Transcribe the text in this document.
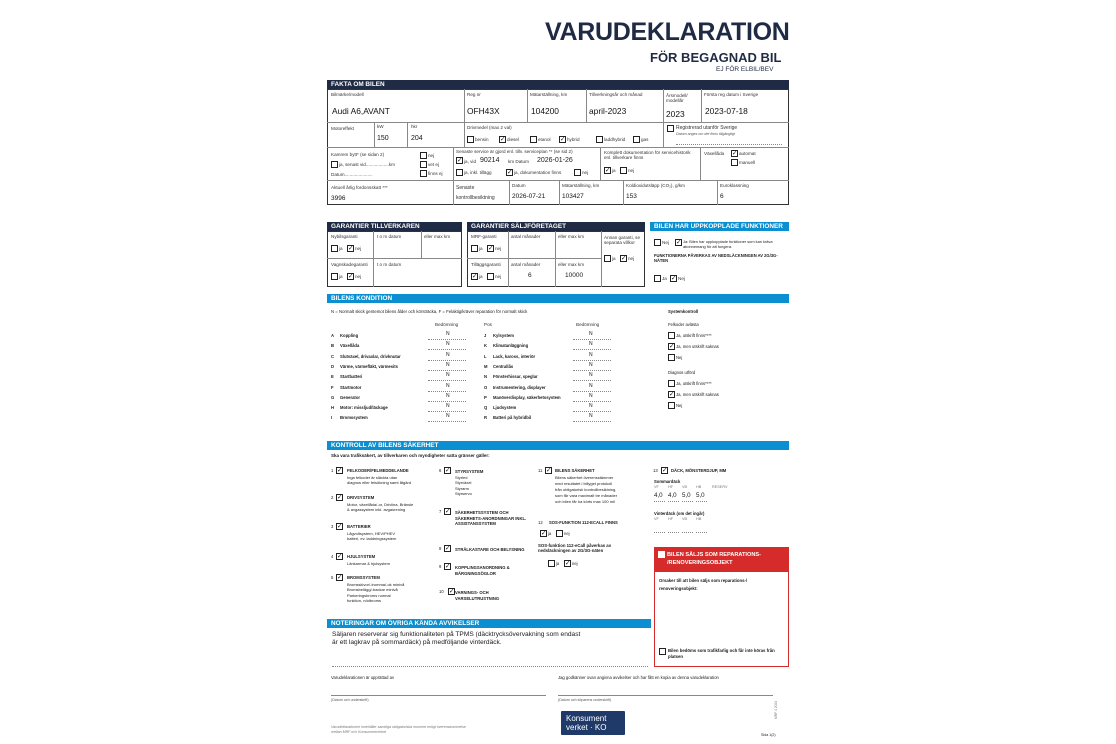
VARUDEKLARATION
FÖR BEGAGNAD BIL
EJ FÖR ELBIL/BEV
FAKTA OM BILEN
Bilmärke/modell
Audi A6,AVANT
Reg nr
OFH43X
Mätarställning, km
104200
Tillverkningsår och månad
april-2023
Årsmodell/ modellår
2023
Första reg datum i Sverige
2023-07-18
Motoreffekt	kW
150
hkr
204
Drivmedel (max 2 val)	Registrerad utanför Sverige
Datum anges om det finns tillgängligt
Kamrem bytt* (se sidan 2)	nej
ja, senast vid..................km	vet ej
Datum......................	finns ej
Senaste service är gjord enl. tillv. serviceplan ** (se sid 2)
✓ ja, vid 90214 km Datum 2026-01-26
ja, inkl. tillägg ✓ ja, dokumentation finns	nej
Komplett dokumentation för servicehistorik enl. tillverkare finns
✓ ja	nej
Växellåda ✓ automat
manuell
Aktuell årlig fordonsskatt ***
3996
Senaste kontrollbesiktning
Datum
2026-07-21
Mätarställning, km
103427
Koldioxidutsläpp (CO₂), g/km
153
Euroklassning
6
GARANTIER TILLVERKAREN
Nybilsgaranti	t o m datum	eller max km
ja ✓ nej
Vagnskadegaranti t o m datum
ja ✓ nej
GARANTIER SÄLJFÖRETAGET
MRF-garanti	antal månader	eller max km
ja ✓ nej
Annan garanti, se separata villkor
ja ✓ nej
Tilläggsgaranti antal månader	eller max km
✓ ja	nej	6	10000
BILEN HAR UPPKOPPLADE FUNKTIONER
Nej ✓ Ja: Bilen har uppkopplade funktioner som kan kräva abonnemang för att fungera.
FUNKTIONERNA PÅVERKAS AV NEDSLÄCKNINGEN AV 2G/3G-NÄTEN
Ja ✓ Nej
BILENS KONDITION
N = Normalt skick gentemot bilens ålder och körsträcka, F = Felaktig/kräver reparation för normalt skick
Bedömning	Pos	Bedömning
Systemkontroll
Felkoder avlästa
Diagnos utförd
KONTROLL AV BILENS SÄKERHET
Ska vara trafiksäkert, av tillverkaren och myndigheter satta gränser gäller:
11 ✓ BILENS SÄKERHET
12 SOS-FUNKTION 112-ECALL FINNS
✓ ja	nej
SOS-funktion 112-eCall påverkas av nedsläckningen av 2G/3G-näten
ja ✓ nej
13 ✓ DÄCK, MÖNSTERDJUP, MM
Sommardäck
Vinterdäck (om det ingår)
BILEN SÄLJS SOM REPARATIONS- /RENOVERINGSOBJEKT
Orsaker till att bilen säljs som reparations-/ renoveringsobjekt:
Bilen bedöms som trafikfarlig och får inte köras från platsen
NOTERINGAR OM ÖVRIGA KÄNDA AVVIKELSER
Säljaren reserverar sig funktionaliteten på TPMS (däcktrycksövervakning som endast
är ett lagkrav på sommardäck) på medföljande vinterdäck.
Varudeklarationen är upprättad av	Jag godkänner ovan angivna avvikelser och har fått en kopia av denna varudeklaration
(Datum och underskrift)	(Datum och köparens underskrift)
Varudeklarationen innehåller samtliga obligatoriska moment enligt överenskommelse
mellan MRF och Konsumentverket
Konsument
verket · KO
Sida 1(2)
MRF 4 2024
bensin ✓ diesel	etanol ✓ hybrid	laddhybrid	gas
A Koppling	N
B Växellåda	N
C Slutväxel, drivaxlar, drivknutar	N
D Värme, värmefläkt, värmesits	N
E Startbatteri	N
F Startmotor	N
G Generator	N
H Motor: missljud/läckage	N
I Bromssystem	N
J Kylsystem	N
K Klimatanläggning	N
L Lack, kaross, interiör	N
M Centrallås	N
N Fönsterhissar, speglar	N
O Instrumentering, displayer	N
P Manöverdisplay, säkerhetssystem	N
Q Ljudsystem	N
R Batteri på hybridbil	N
Ja, utskrift finns****
✓ Ja, men utskrift saknas
Nej
Ja, utskrift finns****
✓ Ja, men utskrift saknas
Nej
1 ✓ FELKODER/FELMEDDELANDE
Inga felkoder är släckta utan
diagnos eller felsökning samt åtgärd
2 ✓ DRIVSYSTEM
Motor, växellåda/-or, Drivlina, Bränsle
& avgassystem inkl. avgasrening
3 ✓ BATTERIER
Lågvoltsystem, HEV/PHEV
batteri, ev. laddningssystem
4 ✓ HJULSYSTEM
Länkarmar & hjulsystem
5 ✓ BROMSSYSTEM
Bromsskivor/-trumma/-ok minivå
Bromsbelägg/-backar minivå
Parkeringsbroms normal
funktion, nödbroms
6 ✓ STYRSYSTEM
Styrled
Styrväxel
Styrarm
Styrservo
7 ✓ SÄKERHETSSYSTEM OCH SÄKERHETS-ANORDNINGAR INKL. ASSISTANSSYSTEM
8 ✓ STRÅLKASTARE OCH BELYSNING
9 ✓ KOPPLINGSANORDNING & BÄRGNINGSÖGLOR
10 ✓ VARNINGS- OCH VARSELUTRUSTNING
Bilens säkerhet överensstämmer
med resultatet i billyget protokoll
från obligatorisk kontrollbesiktning,
som får vara maximalt tre månader
och bilen får ha körts max 100 mil
VF HF VB HB	RESERV
4,0 4,0 5,0 5,0
VF HF VB HB
